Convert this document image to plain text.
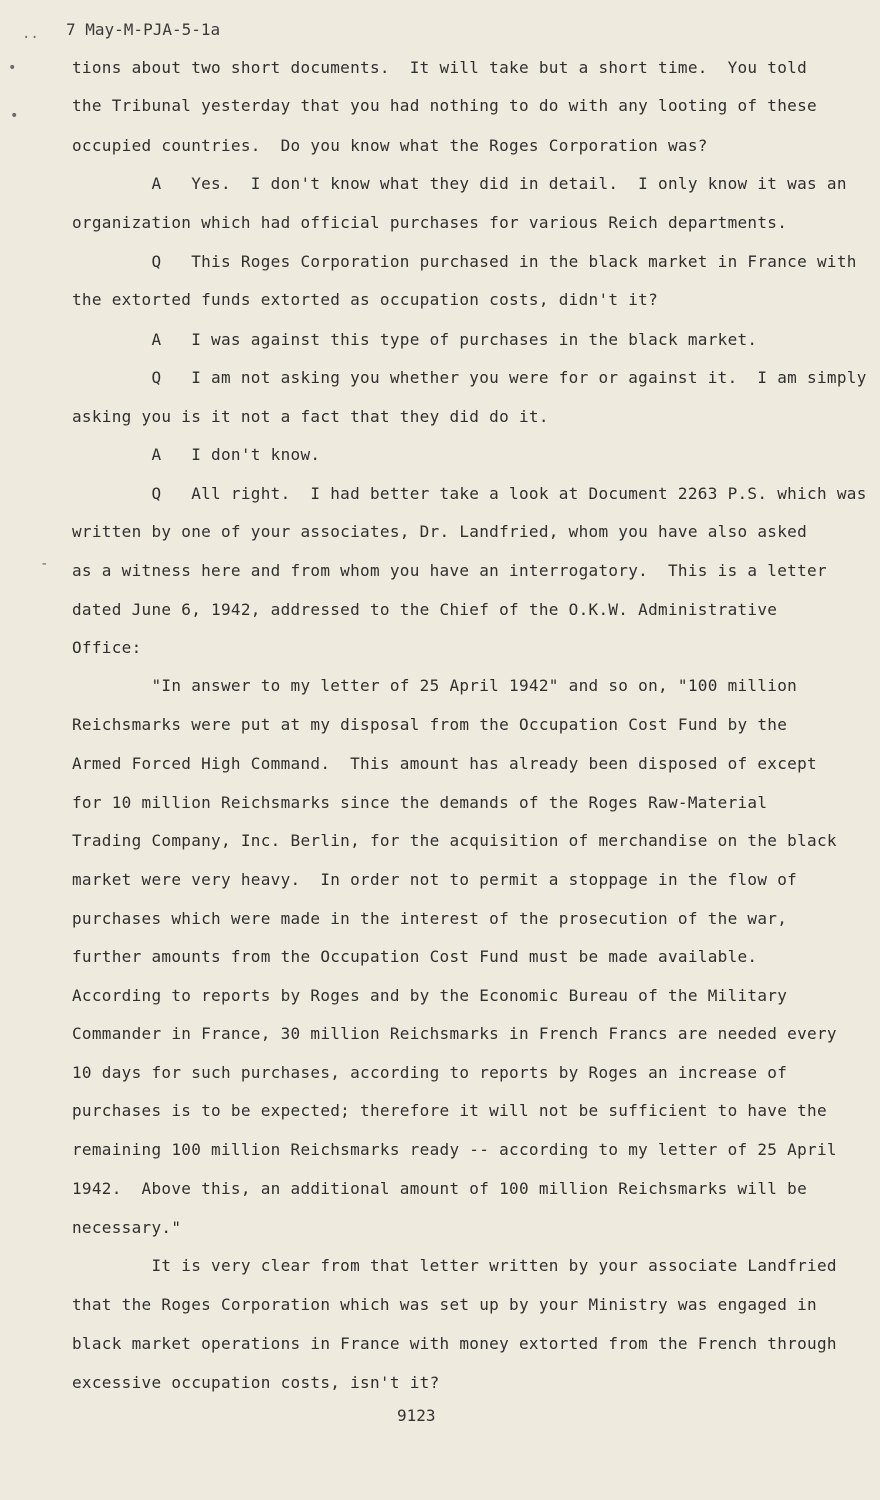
..
•
•
-
7 May-M-PJA-5-1a
tions about two short documents.  It will take but a short time.  You told
the Tribunal yesterday that you had nothing to do with any looting of these
occupied countries.  Do you know what the Roges Corporation was?
A   Yes.  I don't know what they did in detail.  I only know it was an
organization which had official purchases for various Reich departments.
Q   This Roges Corporation purchased in the black market in France with
the extorted funds extorted as occupation costs, didn't it?
A   I was against this type of purchases in the black market.
Q   I am not asking you whether you were for or against it.  I am simply
asking you is it not a fact that they did do it.
A   I don't know.
Q   All right.  I had better take a look at Document 2263 P.S. which was
written by one of your associates, Dr. Landfried, whom you have also asked
as a witness here and from whom you have an interrogatory.  This is a letter
dated June 6, 1942, addressed to the Chief of the O.K.W. Administrative
Office:
"In answer to my letter of 25 April 1942" and so on, "100 million
Reichsmarks were put at my disposal from the Occupation Cost Fund by the
Armed Forced High Command.  This amount has already been disposed of except
for 10 million Reichsmarks since the demands of the Roges Raw-Material
Trading Company, Inc. Berlin, for the acquisition of merchandise on the black
market were very heavy.  In order not to permit a stoppage in the flow of
purchases which were made in the interest of the prosecution of the war,
further amounts from the Occupation Cost Fund must be made available.
According to reports by Roges and by the Economic Bureau of the Military
Commander in France, 30 million Reichsmarks in French Francs are needed every
10 days for such purchases, according to reports by Roges an increase of
purchases is to be expected; therefore it will not be sufficient to have the
remaining 100 million Reichsmarks ready -- according to my letter of 25 April
1942.  Above this, an additional amount of 100 million Reichsmarks will be
necessary."
It is very clear from that letter written by your associate Landfried
that the Roges Corporation which was set up by your Ministry was engaged in
black market operations in France with money extorted from the French through
excessive occupation costs, isn't it?
9123
